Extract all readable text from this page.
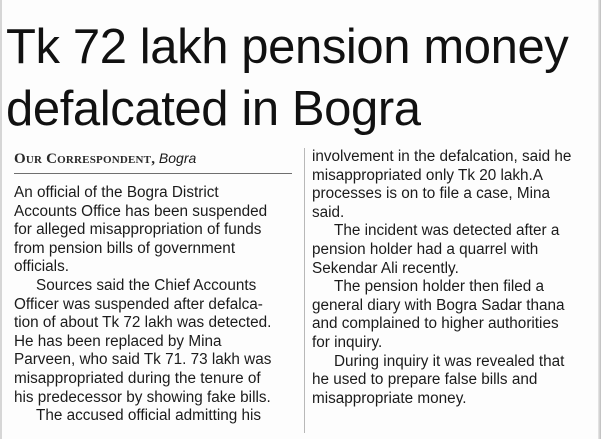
Tk 72 lakh pension money
defalcated in Bogra
Our Correspondent, Bogra
An official of the Bogra District
Accounts Office has been suspended
for alleged misappropriation of funds
from pension bills of government
officials.
Sources said the Chief Accounts
Officer was suspended after defalca-
tion of about Tk 72 lakh was detected.
He has been replaced by Mina
Parveen, who said Tk 71. 73 lakh was
misappropriated during the tenure of
his predecessor by showing fake bills.
The accused official admitting his
involvement in the defalcation, said he
misappropriated only Tk 20 lakh.A
processes is on to file a case, Mina
said.
The incident was detected after a
pension holder had a quarrel with
Sekendar Ali recently.
The pension holder then filed a
general diary with Bogra Sadar thana
and complained to higher authorities
for inquiry.
During inquiry it was revealed that
he used to prepare false bills and
misappropriate money.
